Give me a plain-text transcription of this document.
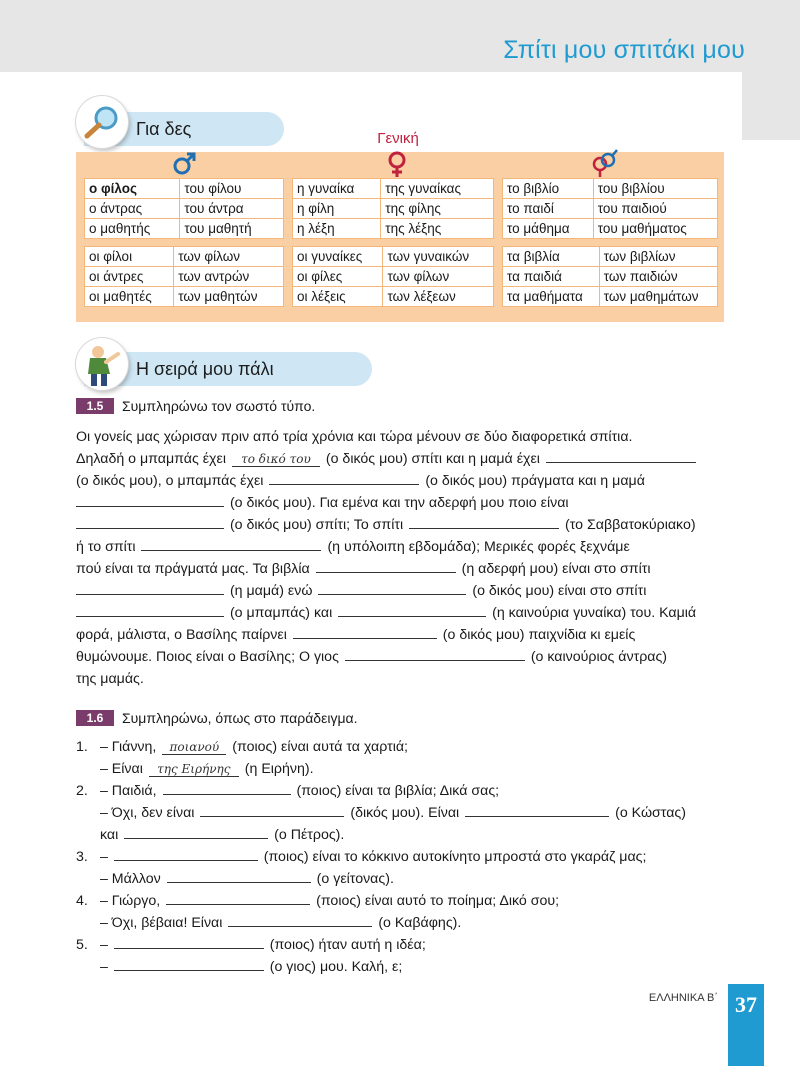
Σπίτι μου σπιτάκι μου
Για δες	Γενική
ο φίλος	του φίλου
ο άντρας	του άντρα
ο μαθητής	του μαθητή
η γυναίκα	της γυναίκας
η φίλη	της φίλης
η λέξη	της λέξης
το βιβλίο	του βιβλίου
το παιδί	του παιδιού
το μάθημα	του μαθήματος
οι φίλοι	των φίλων
οι άντρες	των αντρών
οι μαθητές	των μαθητών
οι γυναίκες	των γυναικών
οι φίλες	των φίλων
οι λέξεις	των λέξεων
τα βιβλία	των βιβλίων
τα παιδιά	των παιδιών
τα μαθήματα	των μαθημάτων
Η σειρά μου πάλι
1.5	Συμπληρώνω τον σωστό τύπο.
Οι γονείς μας χώρισαν πριν από τρία χρόνια και τώρα μένουν σε δύο διαφορετικά σπίτια.
Δηλαδή ο μπαμπάς έχει το δικό του (ο δικός μου) σπίτι και η μαμά έχει
(ο δικός μου), ο μπαμπάς έχει	(ο δικός μου) πράγματα και η μαμά
(ο δικός μου). Για εμένα και την αδερφή μου ποιο είναι
(ο δικός μου) σπίτι; Το σπίτι	(το Σαββατοκύριακο)
ή το σπίτι	(η υπόλοιπη εβδομάδα); Μερικές φορές ξεχνάμε
πού είναι τα πράγματά μας. Τα βιβλία	(η αδερφή μου) είναι στο σπίτι
(η μαμά) ενώ	(ο δικός μου) είναι στο σπίτι
(ο μπαμπάς) και	(η καινούρια γυναίκα) του. Καμιά
φορά, μάλιστα, ο Βασίλης παίρνει	(ο δικός μου) παιχνίδια κι εμείς
θυμώνουμε. Ποιος είναι ο Βασίλης; Ο γιος	(ο καινούριος άντρας)
της μαμάς.
1.6	Συμπληρώνω, όπως στο παράδειγμα.
1. – Γιάννη, ποιανού (ποιος) είναι αυτά τα χαρτιά;
– Είναι της Ειρήνης (η Ειρήνη).
2. – Παιδιά,	(ποιος) είναι τα βιβλία; Δικά σας;
– Όχι, δεν είναι	(δικός μου). Είναι	(ο Κώστας)
και	(ο Πέτρος).
3. –	(ποιος) είναι το κόκκινο αυτοκίνητο μπροστά στο γκαράζ μας;
– Μάλλον	(ο γείτονας).
4. – Γιώργο,	(ποιος) είναι αυτό το ποίημα; Δικό σου;
– Όχι, βέβαια! Είναι	(ο Καβάφης).
5. –	(ποιος) ήταν αυτή η ιδέα;
–	(ο γιος) μου. Καλή, ε;
ΕΛΛΗΝΙΚΑ Β΄ 37
